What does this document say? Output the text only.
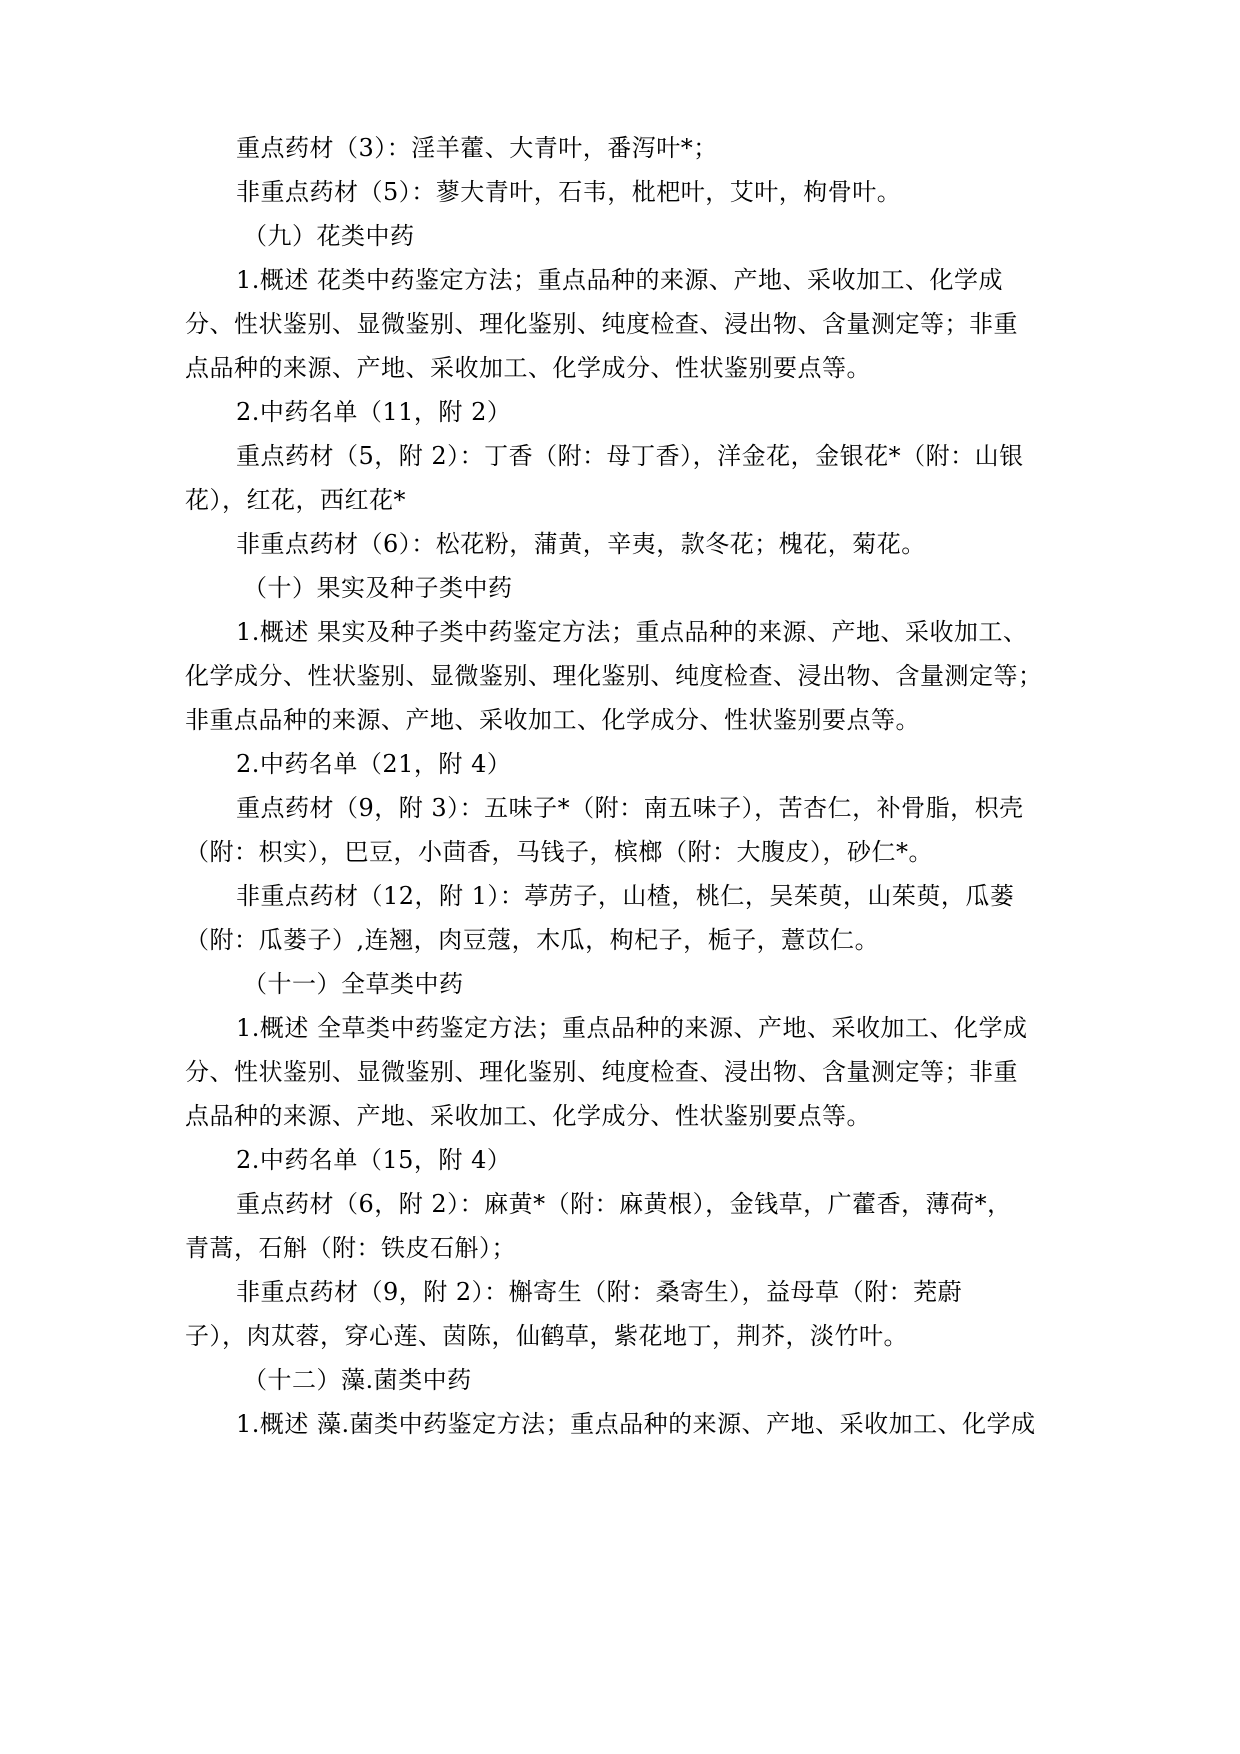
重点药材（3）：淫羊藿、大青叶，番泻叶*；
非重点药材（5）：蓼大青叶，石韦，枇杷叶，艾叶，枸骨叶。
（九）花类中药
1.概述 花类中药鉴定方法；重点品种的来源、产地、采收加工、化学成
分、性状鉴别、显微鉴别、理化鉴别、纯度检查、浸出物、含量测定等；非重
点品种的来源、产地、采收加工、化学成分、性状鉴别要点等。
2.中药名单（11，附 2）
重点药材（5，附 2）：丁香（附：母丁香），洋金花，金银花*（附：山银
花），红花，西红花*
非重点药材（6）：松花粉，蒲黄，辛夷，款冬花；槐花，菊花。
（十）果实及种子类中药
1.概述 果实及种子类中药鉴定方法；重点品种的来源、产地、采收加工、
化学成分、性状鉴别、显微鉴别、理化鉴别、纯度检查、浸出物、含量测定等；
非重点品种的来源、产地、采收加工、化学成分、性状鉴别要点等。
2.中药名单（21，附 4）
重点药材（9，附 3）：五味子*（附：南五味子），苦杏仁，补骨脂，枳壳
（附：枳实），巴豆，小茴香，马钱子，槟榔（附：大腹皮），砂仁*。
非重点药材（12，附 1）：葶苈子，山楂，桃仁，吴茱萸，山茱萸，瓜蒌
（附：瓜蒌子）,连翘，肉豆蔻，木瓜，枸杞子，栀子，薏苡仁。
（十一）全草类中药
1.概述 全草类中药鉴定方法；重点品种的来源、产地、采收加工、化学成
分、性状鉴别、显微鉴别、理化鉴别、纯度检查、浸出物、含量测定等；非重
点品种的来源、产地、采收加工、化学成分、性状鉴别要点等。
2.中药名单（15，附 4）
重点药材（6，附 2）：麻黄*（附：麻黄根），金钱草，广藿香，薄荷*，
青蒿，石斛（附：铁皮石斛）；
非重点药材（9，附 2）：槲寄生（附：桑寄生），益母草（附：茺蔚
子），肉苁蓉，穿心莲、茵陈，仙鹤草，紫花地丁，荆芥，淡竹叶。
（十二）藻.菌类中药
1.概述 藻.菌类中药鉴定方法；重点品种的来源、产地、采收加工、化学成
